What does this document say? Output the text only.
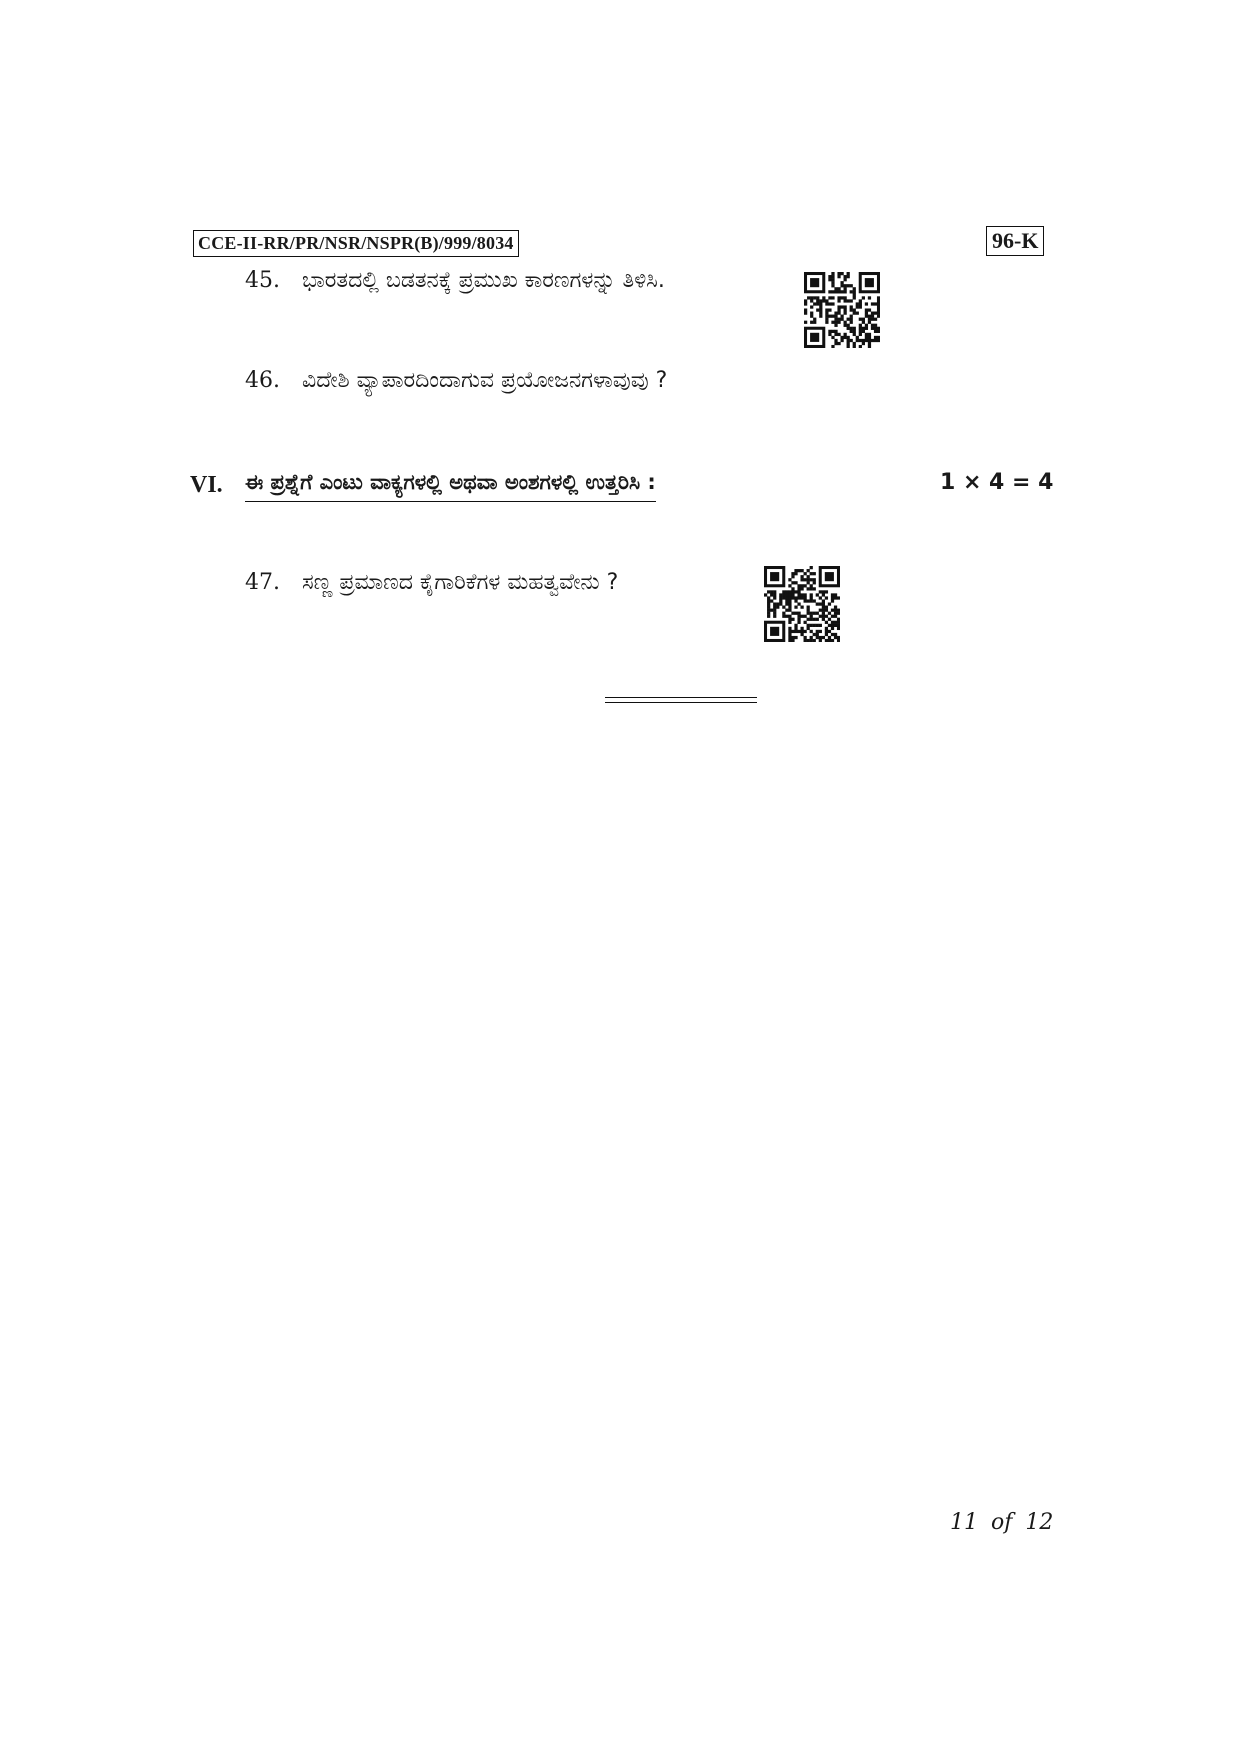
CCE-II-RR/PR/NSR/NSPR(B)/999/8034	96-K
45. ಭಾರತದಲ್ಲಿ ಬಡತನಕ್ಕೆ ಪ್ರಮುಖ ಕಾರಣಗಳನ್ನು ತಿಳಿಸಿ.
46. ವಿದೇಶಿ ವ್ಯಾಪಾರದಿಂದಾಗುವ ಪ್ರಯೋಜನಗಳಾವುವು ?
VI. ಈ ಪ್ರಶ್ನೆಗೆ ಎಂಟು ವಾಕ್ಯಗಳಲ್ಲಿ ಅಥವಾ ಅಂಶಗಳಲ್ಲಿ ಉತ್ತರಿಸಿ :	1 × 4 = 4
47. ಸಣ್ಣ ಪ್ರಮಾಣದ ಕೈಗಾರಿಕೆಗಳ ಮಹತ್ವವೇನು ?
11 of 12
